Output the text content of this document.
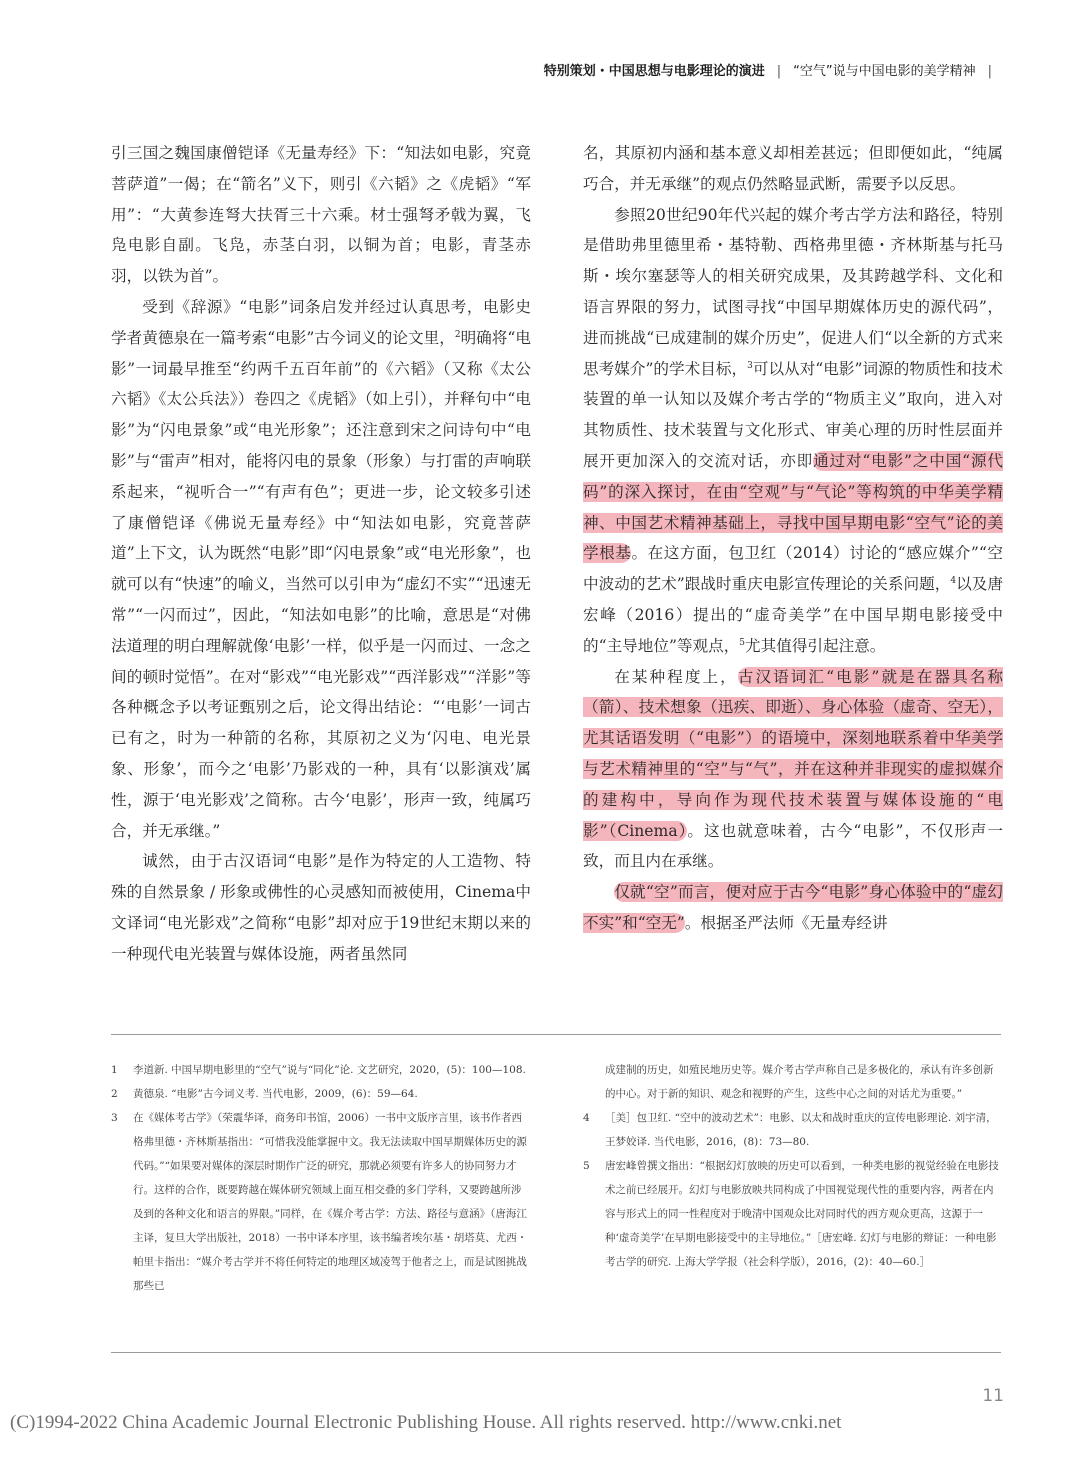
特别策划・中国思想与电影理论的演进 | “空气”说与中国电影的美学精神 |

引三国之魏国康僧铠译《无量寿经》下：“知法如电影，究竟菩萨道”一偈；在“箭名”义下，则引《六韬》之《虎韬》“军用”：“大黄参连弩大扶胥三十六乘。材士强弩矛戟为翼，飞凫电影自副。飞凫，赤茎白羽，以铜为首；电影，青茎赤羽，以铁为首”。

受到《辞源》“电影”词条启发并经过认真思考，电影史学者黄德泉在一篇考索“电影”古今词义的论文里，$^2$明确将“电影”一词最早推至“约两千五百年前”的《六韬》（又称《太公六韬》《太公兵法》）卷四之《虎韬》（如上引），并释句中“电影”为“闪电景象”或“电光形象”；还注意到宋之问诗句中“电影”与“雷声”相对，能将闪电的景象（形象）与打雷的声响联系起来，“视听合一”“有声有色”；更进一步，论文较多引述了康僧铠译《佛说无量寿经》中“知法如电影，究竟菩萨道”上下文，认为既然“电影”即“闪电景象”或“电光形象”，也就可以有“快速”的喻义，当然可以引申为“虚幻不实”“迅速无常”“一闪而过”，因此，“知法如电影”的比喻，意思是“对佛法道理的明白理解就像‘电影’一样，似乎是一闪而过、一念之间的顿时觉悟”。在对“影戏”“电光影戏”“西洋影戏”“洋影”等各种概念予以考证甄别之后，论文得出结论：“‘电影’一词古已有之，时为一种箭的名称，其原初之义为‘闪电、电光景象、形象’，而今之‘电影’乃影戏的一种，具有‘以影演戏’属性，源于‘电光影戏’之简称。古今‘电影’，形声一致，纯属巧合，并无承继。”

诚然，由于古汉语词“电影”是作为特定的人工造物、特殊的自然景象 / 形象或佛性的心灵感知而被使用，Cinema中文译词“电光影戏”之简称“电影”却对应于19世纪末期以来的一种现代电光装置与媒体设施，两者虽然同

名，其原初内涵和基本意义却相差甚远；但即便如此，“纯属巧合，并无承继”的观点仍然略显武断，需要予以反思。

参照20世纪90年代兴起的媒介考古学方法和路径，特别是借助弗里德里希・基特勒、西格弗里德・齐林斯基与托马斯・埃尔塞瑟等人的相关研究成果，及其跨越学科、文化和语言界限的努力，试图寻找“中国早期媒体历史的源代码”，进而挑战“已成建制的媒介历史”，促进人们“以全新的方式来思考媒介”的学术目标，$^3$可以从对“电影”词源的物质性和技术装置的单一认知以及媒介考古学的“物质主义”取向，进入对其物质性、技术装置与文化形式、审美心理的历时性层面并展开更加深入的交流对话，亦即通过对“电影”之中国“源代码”的深入探讨，在由“空观”与“气论”等构筑的中华美学精神、中国艺术精神基础上，寻找中国早期电影“空气”论的美学根基。在这方面，包卫红（2014）讨论的“感应媒介”“空中波动的艺术”跟战时重庆电影宣传理论的关系问题，$^4$以及唐宏峰（2016）提出的“虚奇美学”在中国早期电影接受中的“主导地位”等观点，$^5$尤其值得引起注意。

在某种程度上，古汉语词汇“电影”就是在器具名称（箭）、技术想象（迅疾、即逝）、身心体验（虚奇、空无），尤其话语发明（“电影”）的语境中，深刻地联系着中华美学与艺术精神里的“空”与“气”，并在这种并非现实的虚拟媒介的建构中，导向作为现代技术装置与媒体设施的“电影”（Cinema）。这也就意味着，古今“电影”，不仅形声一致，而且内在承继。

仅就“空”而言，便对应于古今“电影”身心体验中的“虚幻不实”和“空无”。根据圣严法师《无量寿经讲

1	李道新. 中国早期电影里的“空气”说与“同化”论. 文艺研究，2020，(5)：100—108.
2	黄德泉. “电影”古今词义考. 当代电影，2009，(6)：59—64.
3	在《媒体考古学》（荣震华译，商务印书馆，2006）一书中文版序言里，该书作者西格弗里德・齐林斯基指出：“可惜我没能掌握中文。我无法读取中国早期媒体历史的源代码。”“如果要对媒体的深层时期作广泛的研究，那就必须要有许多人的协同努力才行。这样的合作，既要跨越在媒体研究领域上面互相交叠的多门学科，又要跨越所涉及到的各种文化和语言的界限。”同样，在《媒介考古学：方法、路径与意涵》（唐海江主译，复旦大学出版社，2018）一书中译本序里，该书编者埃尔基・胡塔莫、尤西・帕里卡指出：“媒介考古学并不将任何特定的地理区域凌驾于他者之上，而是试图挑战那些已
成建制的历史，如殖民地历史等。媒介考古学声称自己是多极化的，承认有许多创新的中心。对于新的知识、观念和视野的产生，这些中心之间的对话尤为重要。”
4	［美］包卫红. “空中的波动艺术”：电影、以太和战时重庆的宣传电影理论. 刘宇清，王梦姣译. 当代电影，2016，(8)：73—80.
5	唐宏峰曾撰文指出：“根据幻灯放映的历史可以看到，一种类电影的视觉经验在电影技术之前已经展开。幻灯与电影放映共同构成了中国视觉现代性的重要内容，两者在内容与形式上的同一性程度对于晚清中国观众比对同时代的西方观众更高，这源于一种‘虚奇美学’在早期电影接受中的主导地位。”［唐宏峰. 幻灯与电影的辩证：一种电影考古学的研究. 上海大学学报（社会科学版），2016，(2)：40—60.］
11
(C)1994-2022 China Academic Journal Electronic Publishing House. All rights reserved. http://www.cnki.net
